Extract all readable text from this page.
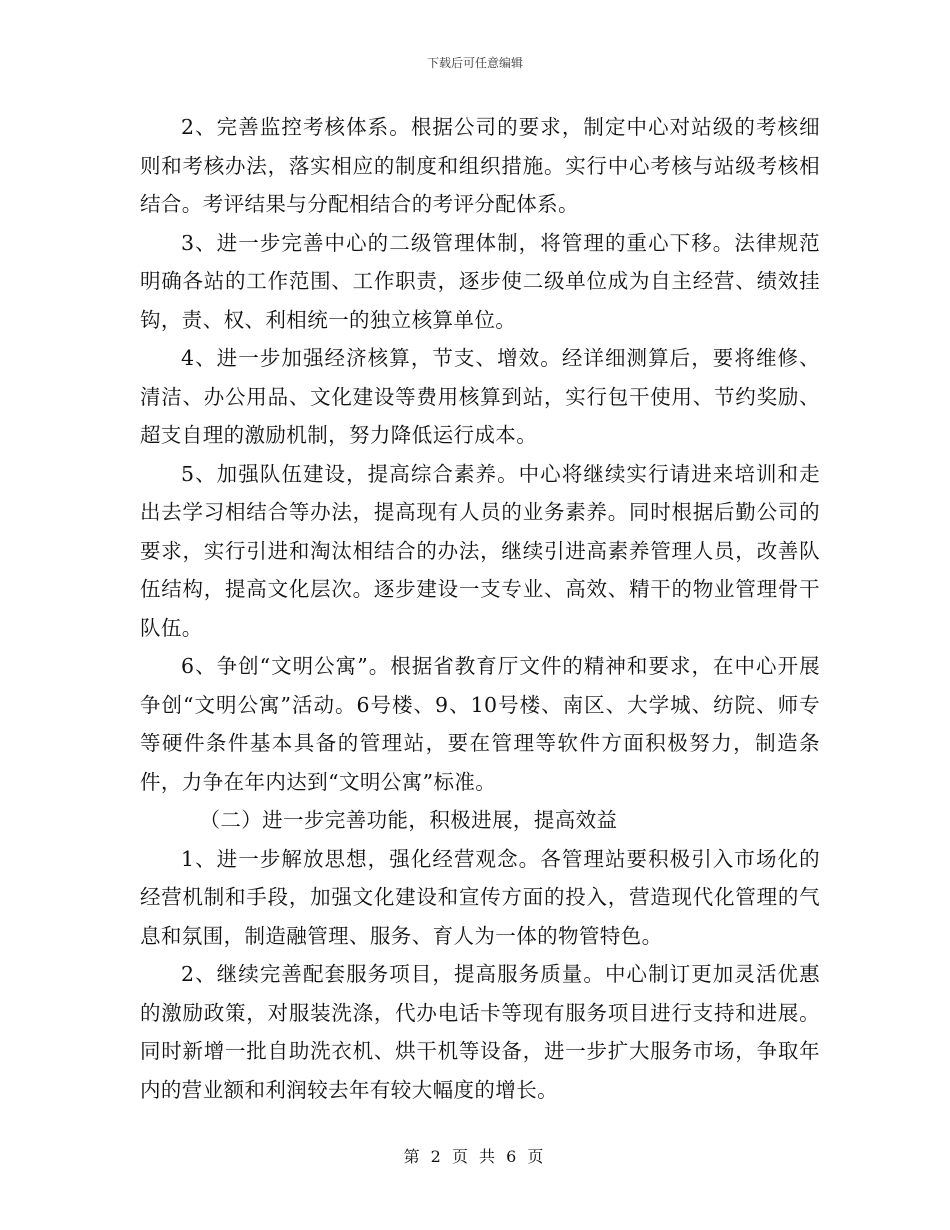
下载后可任意编辑

2、完善监控考核体系。根据公司的要求，制定中心对站级的考核细则和考核办法，落实相应的制度和组织措施。实行中心考核与站级考核相结合。考评结果与分配相结合的考评分配体系。

3、进一步完善中心的二级管理体制，将管理的重心下移。法律规范明确各站的工作范围、工作职责，逐步使二级单位成为自主经营、绩效挂钩，责、权、利相统一的独立核算单位。

4、进一步加强经济核算，节支、增效。经详细测算后，要将维修、清洁、办公用品、文化建设等费用核算到站，实行包干使用、节约奖励、超支自理的激励机制，努力降低运行成本。

5、加强队伍建设，提高综合素养。中心将继续实行请进来培训和走出去学习相结合等办法，提高现有人员的业务素养。同时根据后勤公司的要求，实行引进和淘汰相结合的办法，继续引进高素养管理人员，改善队伍结构，提高文化层次。逐步建设一支专业、高效、精干的物业管理骨干队伍。

6、争创“文明公寓”。根据省教育厅文件的精神和要求，在中心开展争创“文明公寓”活动。6号楼、9、10号楼、南区、大学城、纺院、师专等硬件条件基本具备的管理站，要在管理等软件方面积极努力，制造条件，力争在年内达到“文明公寓”标准。

（二）进一步完善功能，积极进展，提高效益

1、进一步解放思想，强化经营观念。各管理站要积极引入市场化的经营机制和手段，加强文化建设和宣传方面的投入，营造现代化管理的气息和氛围，制造融管理、服务、育人为一体的物管特色。

2、继续完善配套服务项目，提高服务质量。中心制订更加灵活优惠的激励政策，对服装洗涤，代办电话卡等现有服务项目进行支持和进展。同时新增一批自助洗衣机、烘干机等设备，进一步扩大服务市场，争取年内的营业额和利润较去年有较大幅度的增长。

第 2 页 共 6 页
